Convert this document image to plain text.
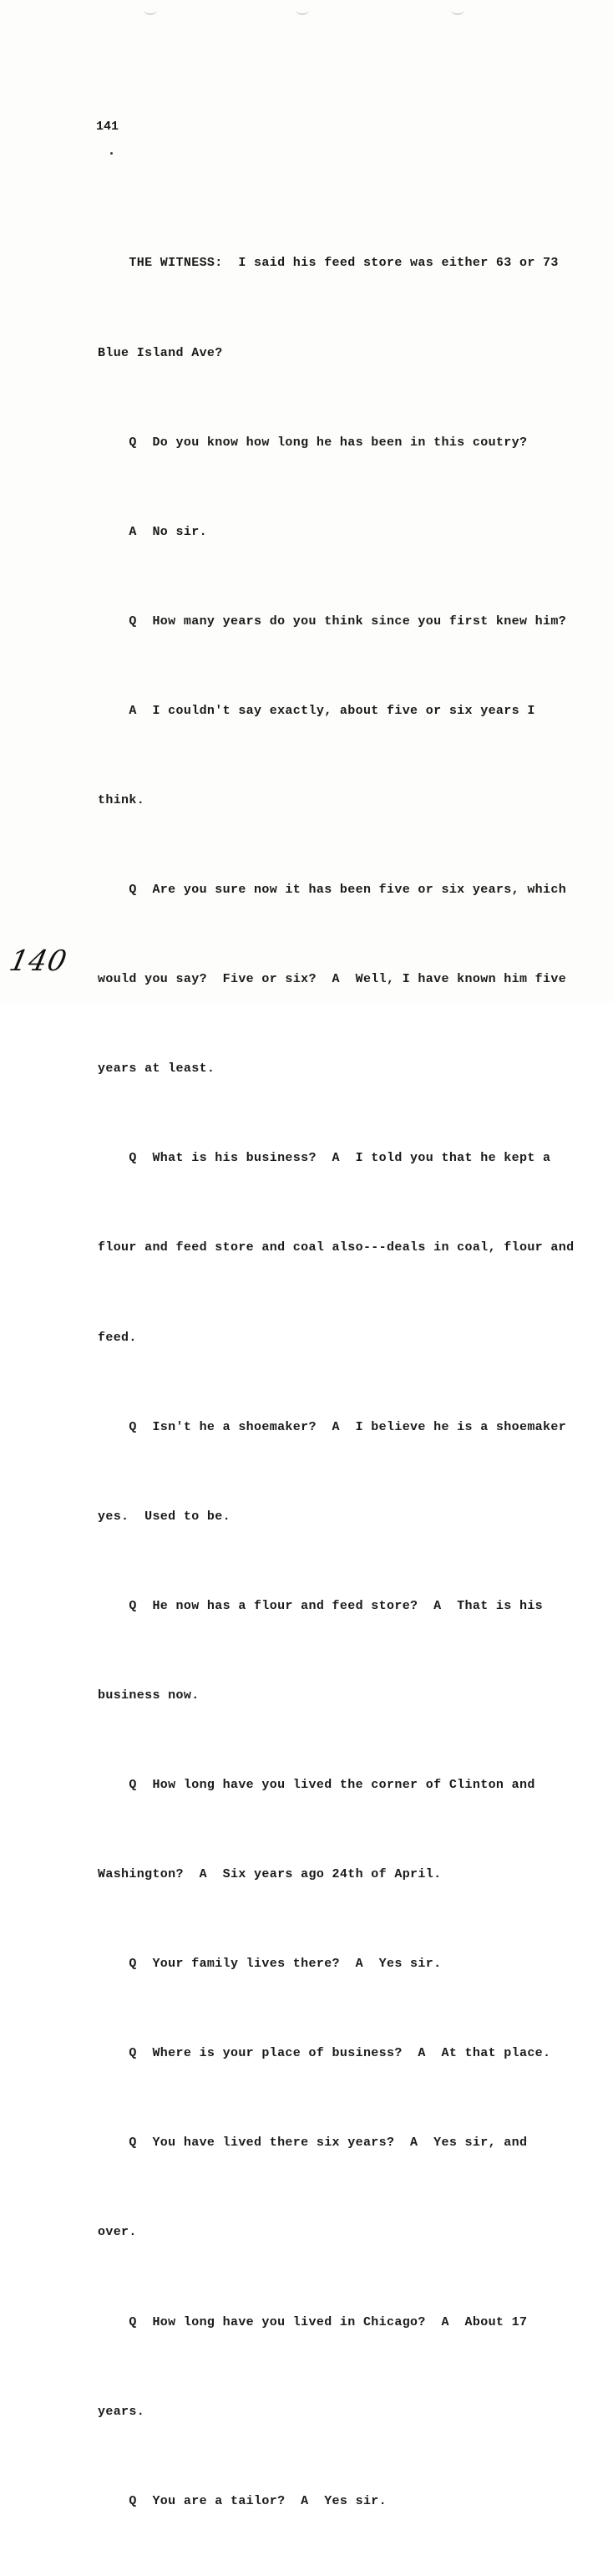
141

THE WITNESS:  I said his feed store was either 63 or 73

Blue Island Ave?

Q  Do you know how long he has been in this coutry?

A  No sir.

Q  How many years do you think since you first knew him?

A  I couldn't say exactly, about five or six years I

think.

Q  Are you sure now it has been five or six years, which

would you say?  Five or six?  A  Well, I have known him five

years at least.

Q  What is his business?  A  I told you that he kept a

flour and feed store and coal also---deals in coal, flour and

feed.

Q  Isn't he a shoemaker?  A  I believe he is a shoemaker

yes.  Used to be.

Q  He now has a flour and feed store?  A  That is his

business now.

Q  How long have you lived the corner of Clinton and

Washington?  A  Six years ago 24th of April.

Q  Your family lives there?  A  Yes sir.

Q  Where is your place of business?  A  At that place.

Q  You have lived there six years?  A  Yes sir, and

over.

Q  How long have you lived in Chicago?  A  About 17

years.

Q  You are a tailor?  A  Yes sir.

140
